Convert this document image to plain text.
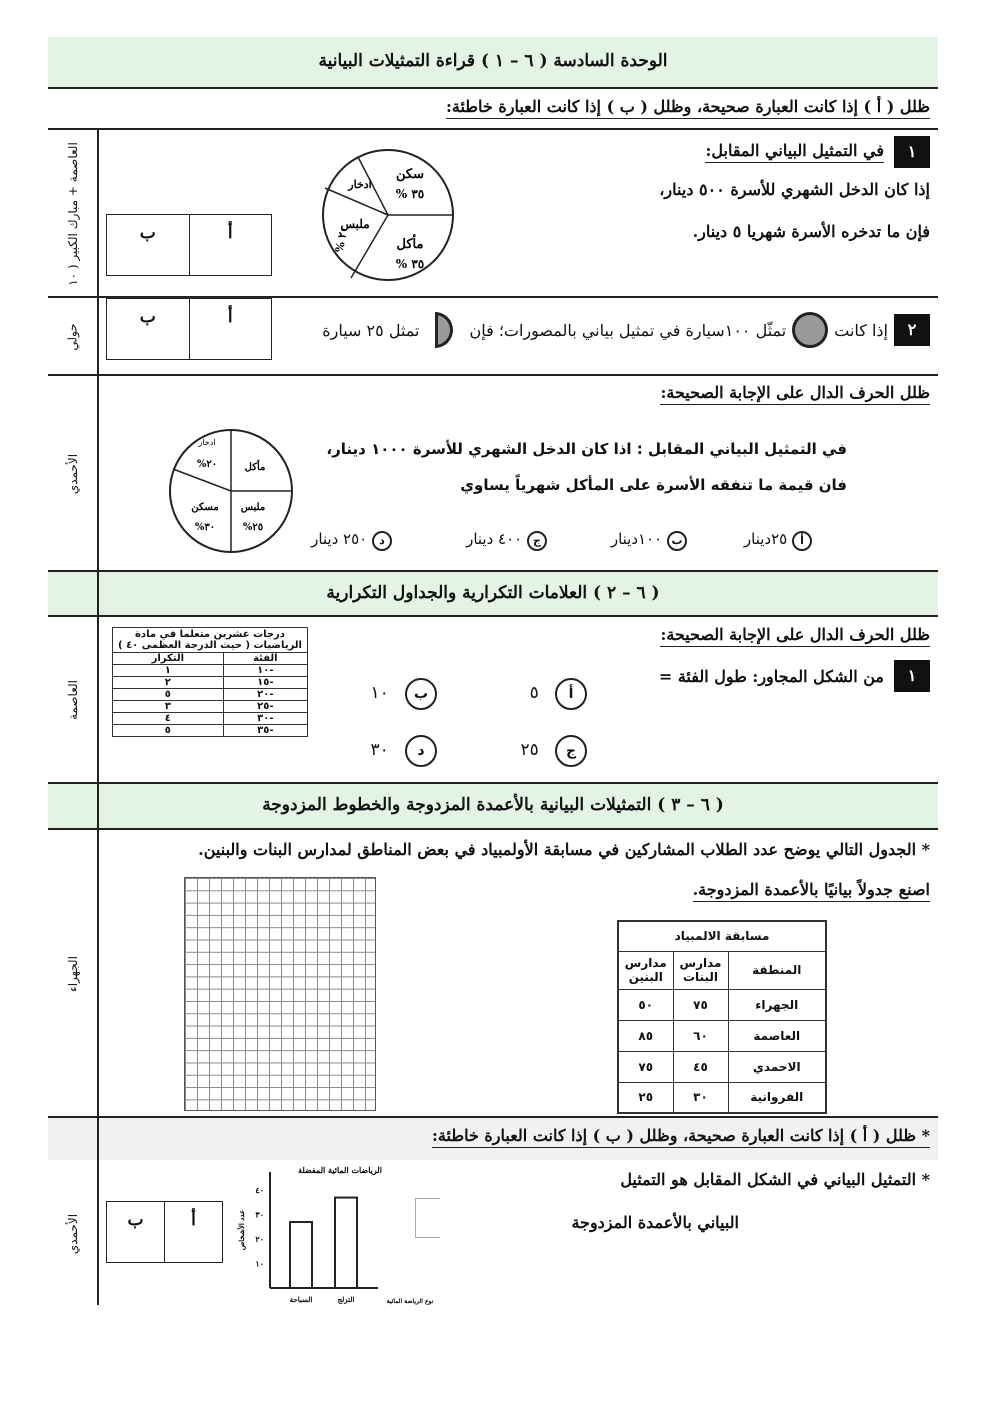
الوحدة السادسة ( ٦ – ١ ) قراءة التمثيلات البيانية
ظلل ( أ ) إذا كانت العبارة صحيحة، وظلل ( ب ) إذا كانت العبارة خاطئة:
العاصمة + مبارك الكبير ( ١٠	١
في التمثيل البياني المقابل:
إذا كان الدخل الشهري للأسرة ٥٠٠ دينار،
فإن ما تدخره الأسرة شهريا ٥ دينار.
سكن
% ٣٥
مأكل
% ٣٥
ملبس
% ٢٠
ادخار
أ
ب
حولي	٢
إذا كانت
تمثّل ١٠٠سيارة في تمثيل بياني بالمصورات؛ فإن
تمثل ٢٥ سيارة
أ
ب
الأحمدي
ظلل الحرف الدال على الإجابة الصحيحة:
في التمثيل البياني المقابل : اذا كان الدخل الشهري للأسرة ١٠٠٠ دينار،
فان قيمة ما تنفقه الأسرة على المأكل شهرياً يساوي
ادخار
%٢٠	مأكل
ملبس
%٢٥
مسكن
%٣٠
أ ٢٥دينار
ب ١٠٠دينار
ج ٤٠٠ دينار
د ٢٥٠ دينار
( ٦ – ٢ ) العلامات التكرارية والجداول التكرارية
العاصمة
ظلل الحرف الدال على الإجابة الصحيحة:
١
من الشكل المجاور: طول الفئة =
أ   ٥
ب   ١٠
ج   ٢٥
د   ٣٠
درجات عشرين متعلما في مادة الرياضيات ( حيث الدرجة العظمى ٤٠ )	
الفئة	التكرار
-١٠	١
-١٥	٢
-٢٠	٥
-٢٥	٣
-٣٠	٤
-٣٥	٥
( ٦ – ٣ ) التمثيلات البيانية بالأعمدة المزدوجة والخطوط المزدوجة
الجهراء
* الجدول التالي يوضح عدد الطلاب المشاركين في مسابقة الأولمبياد في بعض المناطق لمدارس البنات والبنين.
اصنع جدولاً بيانيًا بالأعمدة المزدوجة.
مسابقة الالمبياد		
المنطقة	مدارس البنات	مدارس البنين
الجهراء	٧٥	٥٠
العاصمة	٦٠	٨٥
الاحمدي	٤٥	٧٥
الفروانية	٣٠	٢٥
* ظلل ( أ ) إذا كانت العبارة صحيحة، وظلل ( ب ) إذا كانت العبارة خاطئة:
الأحمدي
* التمثيل البياني في الشكل المقابل هو التمثيل
البياني بالأعمدة المزدوجة
أ
ب
الرياضات المائية المفضلة
عدد الأشخاص
نوع الرياضة المائية
١٠
٢٠
٣٠
٤٠
السباحة	التزلج
